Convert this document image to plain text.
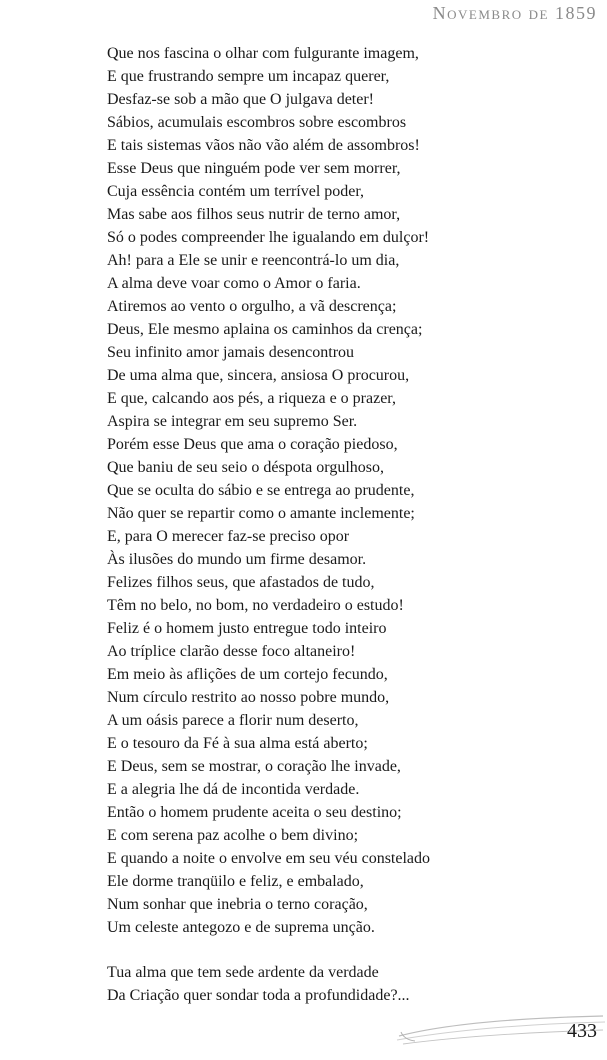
Novembro de 1859
Que nos fascina o olhar com fulgurante imagem,
E que frustrando sempre um incapaz querer,
Desfaz-se sob a mão que O julgava deter!
Sábios, acumulais escombros sobre escombros
E tais sistemas vãos não vão além de assombros!
Esse Deus que ninguém pode ver sem morrer,
Cuja essência contém um terrível poder,
Mas sabe aos filhos seus nutrir de terno amor,
Só o podes compreender lhe igualando em dulçor!
Ah! para a Ele se unir e reencontrá-lo um dia,
A alma deve voar como o Amor o faria.
Atiremos ao vento o orgulho, a vã descrença;
Deus, Ele mesmo aplaina os caminhos da crença;
Seu infinito amor jamais desencontrou
De uma alma que, sincera, ansiosa O procurou,
E que, calcando aos pés, a riqueza e o prazer,
Aspira se integrar em seu supremo Ser.
Porém esse Deus que ama o coração piedoso,
Que baniu de seu seio o déspota orgulhoso,
Que se oculta do sábio e se entrega ao prudente,
Não quer se repartir como o amante inclemente;
E, para O merecer faz-se preciso opor
Às ilusões do mundo um firme desamor.
Felizes filhos seus, que afastados de tudo,
Têm no belo, no bom, no verdadeiro o estudo!
Feliz é o homem justo entregue todo inteiro
Ao tríplice clarão desse foco altaneiro!
Em meio às aflições de um cortejo fecundo,
Num círculo restrito ao nosso pobre mundo,
A um oásis parece a florir num deserto,
E o tesouro da Fé à sua alma está aberto;
E Deus, sem se mostrar, o coração lhe invade,
E a alegria lhe dá de incontida verdade.
Então o homem prudente aceita o seu destino;
E com serena paz acolhe o bem divino;
E quando a noite o envolve em seu véu constelado
Ele dorme tranqüilo e feliz, e embalado,
Num sonhar que inebria o terno coração,
Um celeste antegozo e de suprema unção.
Tua alma que tem sede ardente da verdade
Da Criação quer sondar toda a profundidade?...
433
